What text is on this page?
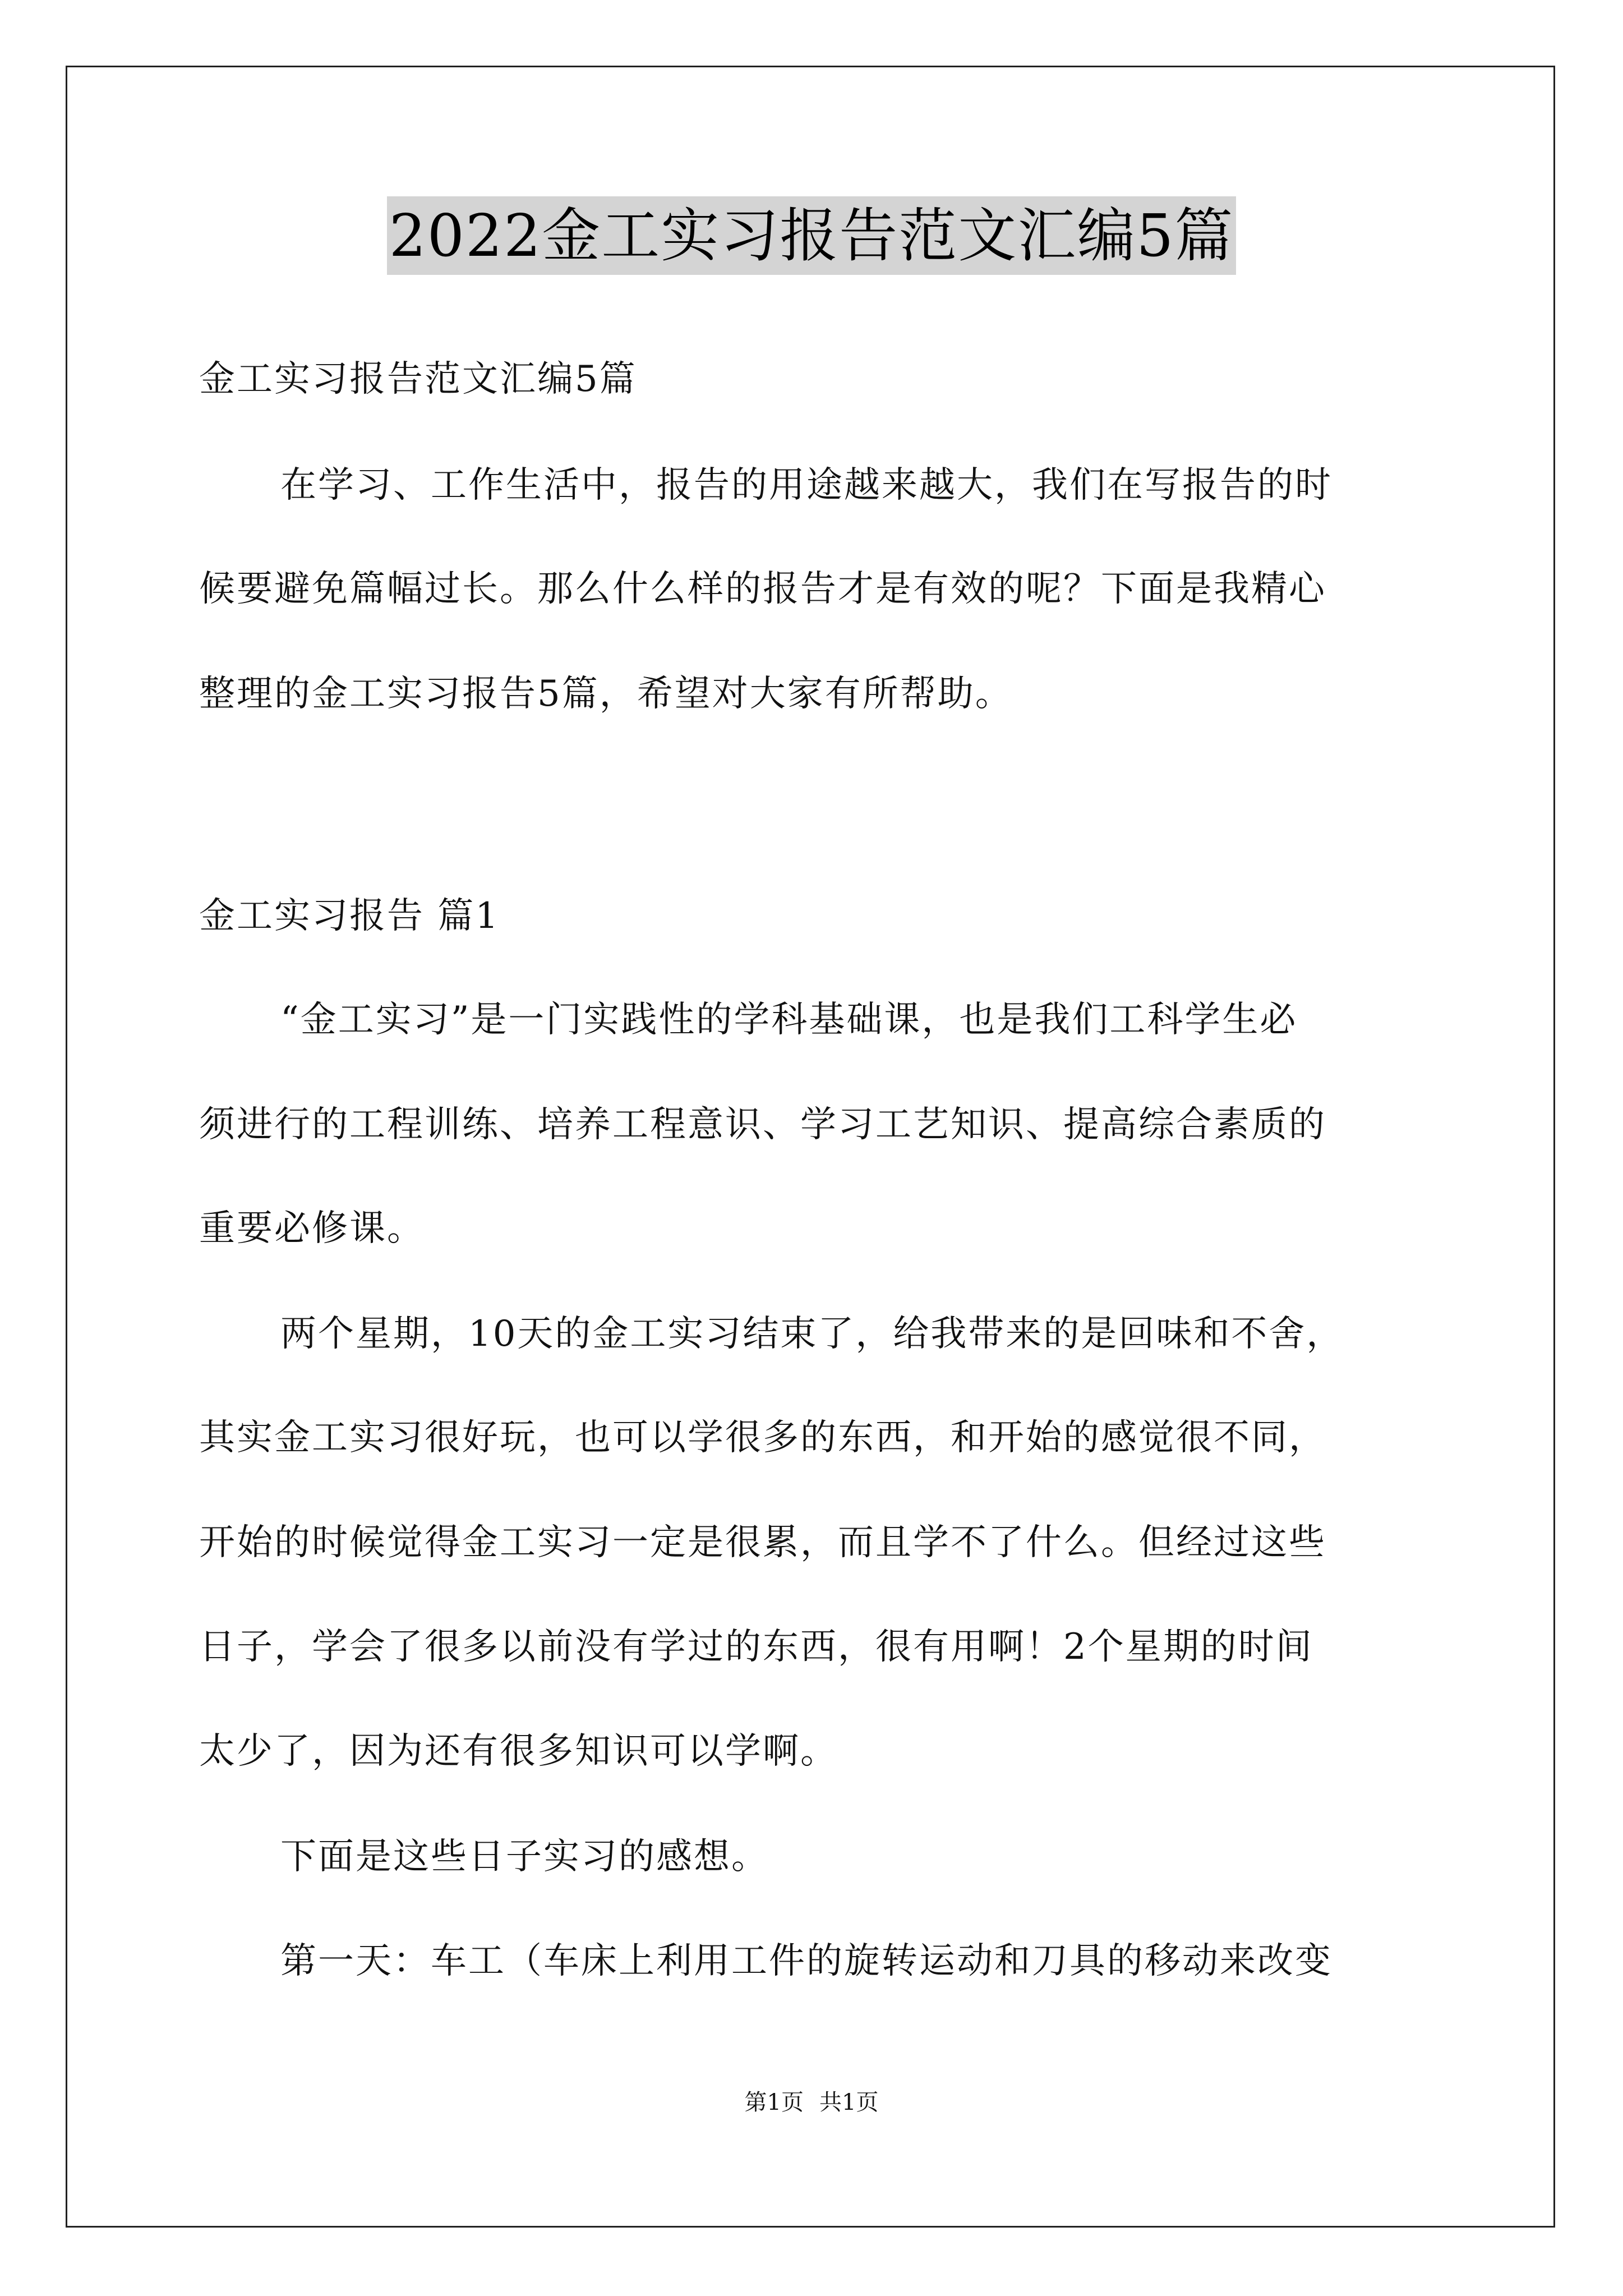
2022金工实习报告范文汇编5篇
金工实习报告范文汇编5篇
在学习、工作生活中，报告的用途越来越大，我们在写报告的时
候要避免篇幅过长。那么什么样的报告才是有效的呢？下面是我精心
整理的金工实习报告5篇，希望对大家有所帮助。
金工实习报告 篇1
“金工实习”是一门实践性的学科基础课，也是我们工科学生必
须进行的工程训练、培养工程意识、学习工艺知识、提高综合素质的
重要必修课。
两个星期，10天的金工实习结束了，给我带来的是回味和不舍，
其实金工实习很好玩，也可以学很多的东西，和开始的感觉很不同，
开始的时候觉得金工实习一定是很累，而且学不了什么。但经过这些
日子，学会了很多以前没有学过的东西，很有用啊！2个星期的时间
太少了，因为还有很多知识可以学啊。
下面是这些日子实习的感想。
第一天：车工（车床上利用工件的旋转运动和刀具的移动来改变
第1页 共1页
